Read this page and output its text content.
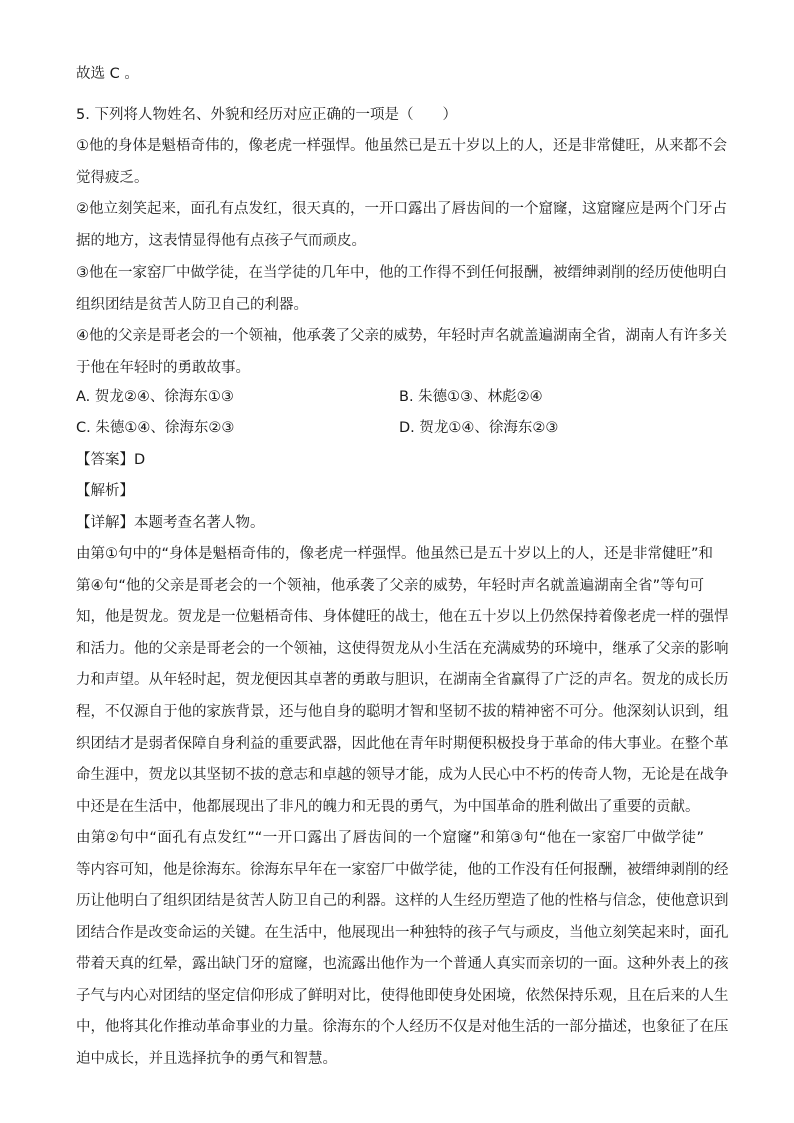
故选 C 。
5. 下列将人物姓名、外貌和经历对应正确的一项是（　　）
①他的身体是魁梧奇伟的，像老虎一样强悍。他虽然已是五十岁以上的人，还是非常健旺，从来都不会
觉得疲乏。
②他立刻笑起来，面孔有点发红，很天真的，一开口露出了唇齿间的一个窟窿，这窟窿应是两个门牙占
据的地方，这表情显得他有点孩子气而顽皮。
③他在一家窑厂中做学徒，在当学徒的几年中，他的工作得不到任何报酬，被缙绅剥削的经历使他明白
组织团结是贫苦人防卫自己的利器。
④他的父亲是哥老会的一个领袖，他承袭了父亲的威势，年轻时声名就盖遍湖南全省，湖南人有许多关
于他在年轻时的勇敢故事。
A. 贺龙②④、徐海东①③	B. 朱德①③、林彪②④
C. 朱德①④、徐海东②③	D. 贺龙①④、徐海东②③
【答案】D
【解析】
【详解】本题考查名著人物。
由第①句中的“身体是魁梧奇伟的，像老虎一样强悍。他虽然已是五十岁以上的人，还是非常健旺”和
第④句“他的父亲是哥老会的一个领袖，他承袭了父亲的威势，年轻时声名就盖遍湖南全省”等句可
知，他是贺龙。贺龙是一位魁梧奇伟、身体健旺的战士，他在五十岁以上仍然保持着像老虎一样的强悍
和活力。他的父亲是哥老会的一个领袖，这使得贺龙从小生活在充满威势的环境中，继承了父亲的影响
力和声望。从年轻时起，贺龙便因其卓著的勇敢与胆识，在湖南全省赢得了广泛的声名。贺龙的成长历
程，不仅源自于他的家族背景，还与他自身的聪明才智和坚韧不拔的精神密不可分。他深刻认识到，组
织团结才是弱者保障自身利益的重要武器，因此他在青年时期便积极投身于革命的伟大事业。在整个革
命生涯中，贺龙以其坚韧不拔的意志和卓越的领导才能，成为人民心中不朽的传奇人物，无论是在战争
中还是在生活中，他都展现出了非凡的魄力和无畏的勇气，为中国革命的胜利做出了重要的贡献。
由第②句中“面孔有点发红”“一开口露出了唇齿间的一个窟窿”和第③句“他在一家窑厂中做学徒”
等内容可知，他是徐海东。徐海东早年在一家窑厂中做学徒，他的工作没有任何报酬，被缙绅剥削的经
历让他明白了组织团结是贫苦人防卫自己的利器。这样的人生经历塑造了他的性格与信念，使他意识到
团结合作是改变命运的关键。在生活中，他展现出一种独特的孩子气与顽皮，当他立刻笑起来时，面孔
带着天真的红晕，露出缺门牙的窟窿，也流露出他作为一个普通人真实而亲切的一面。这种外表上的孩
子气与内心对团结的坚定信仰形成了鲜明对比，使得他即使身处困境，依然保持乐观，且在后来的人生
中，他将其化作推动革命事业的力量。徐海东的个人经历不仅是对他生活的一部分描述，也象征了在压
迫中成长，并且选择抗争的勇气和智慧。
